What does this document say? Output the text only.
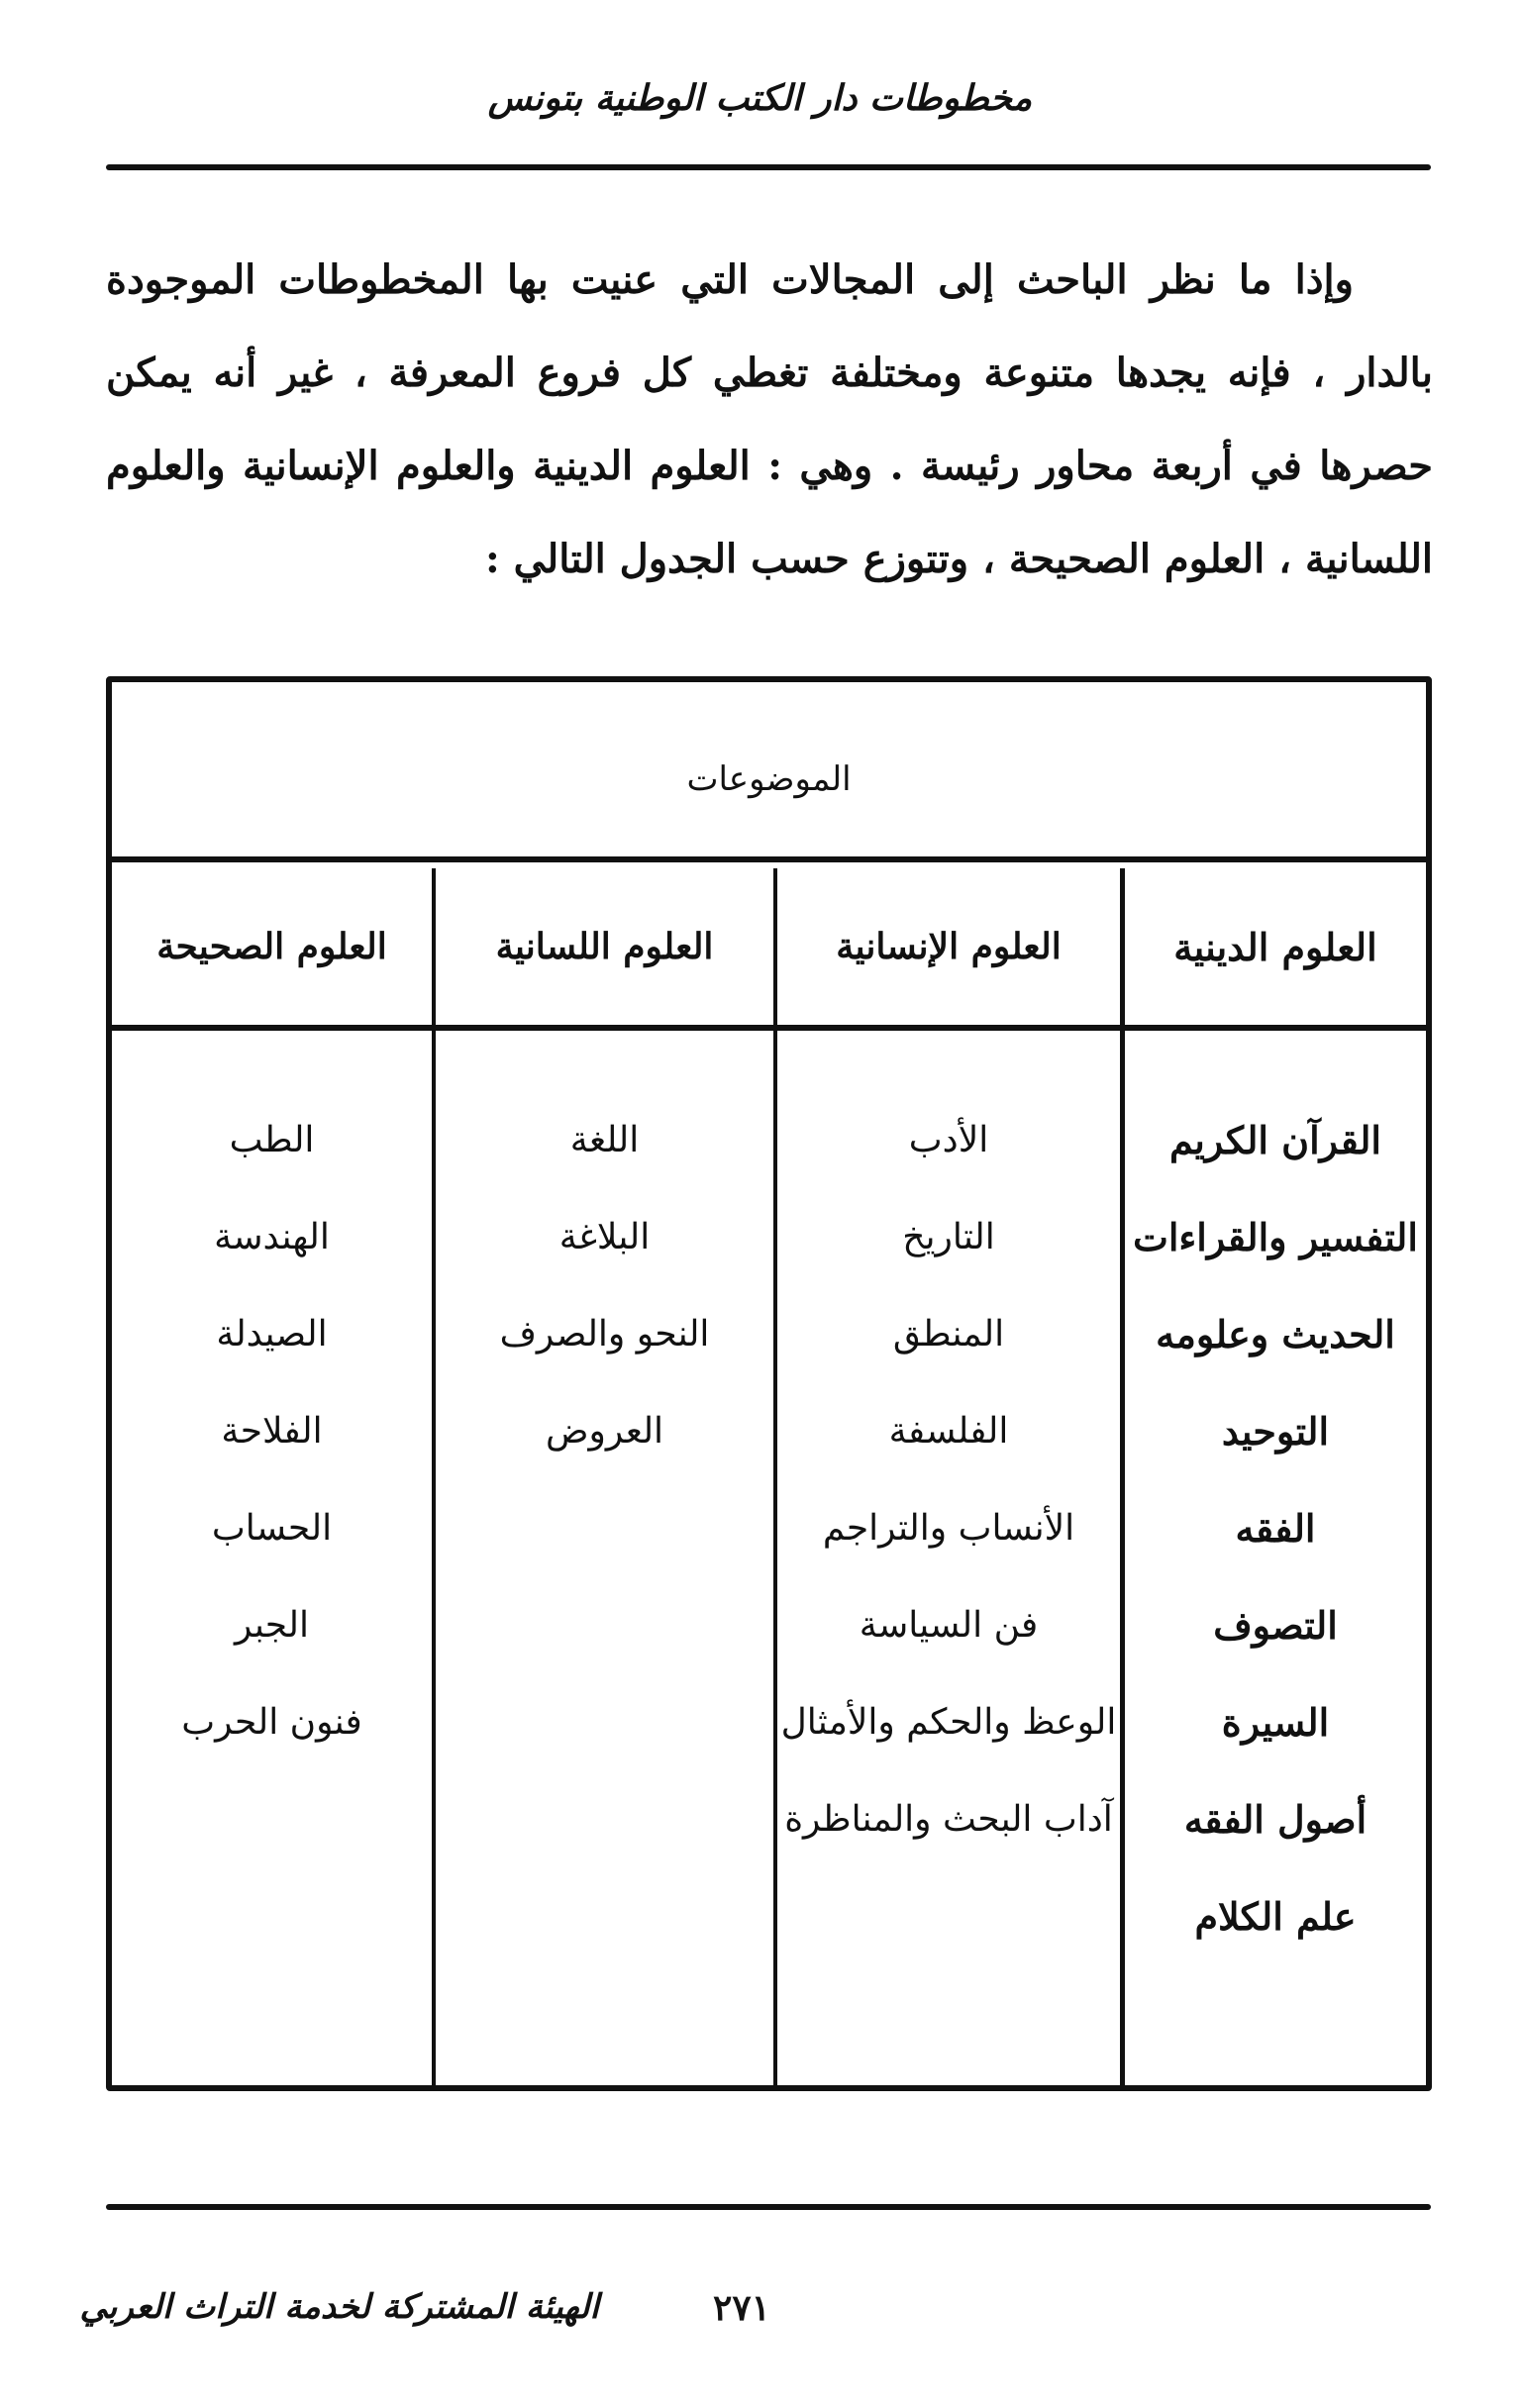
مخطوطات دار الكتب الوطنية بتونس

وإذا ما نظر الباحث إلى المجالات التي عنيت بها المخطوطات الموجودة بالدار ، فإنه يجدها متنوعة ومختلفة تغطي كل فروع المعرفة ، غير أنه يمكن حصرها في أربعة محاور رئيسة . وهي : العلوم الدينية والعلوم الإنسانية والعلوم اللسانية ، العلوم الصحيحة ، وتتوزع حسب الجدول التالي :

الموضوعات
العلوم الدينية
القرآن الكريم
التفسير والقراءات
الحديث وعلومه
التوحيد
الفقه
التصوف
السيرة
أصول الفقه
علم الكلام
العلوم الإنسانية
الأدب
التاريخ
المنطق
الفلسفة
الأنساب والتراجم
فن السياسة
الوعظ والحكم والأمثال
آداب البحث والمناظرة
العلوم اللسانية
اللغة
البلاغة
النحو والصرف
العروض
العلوم الصحيحة
الطب
الهندسة
الصيدلة
الفلاحة
الحساب
الجبر
فنون الحرب
٢٧١
الهيئة المشتركة لخدمة التراث العربي
